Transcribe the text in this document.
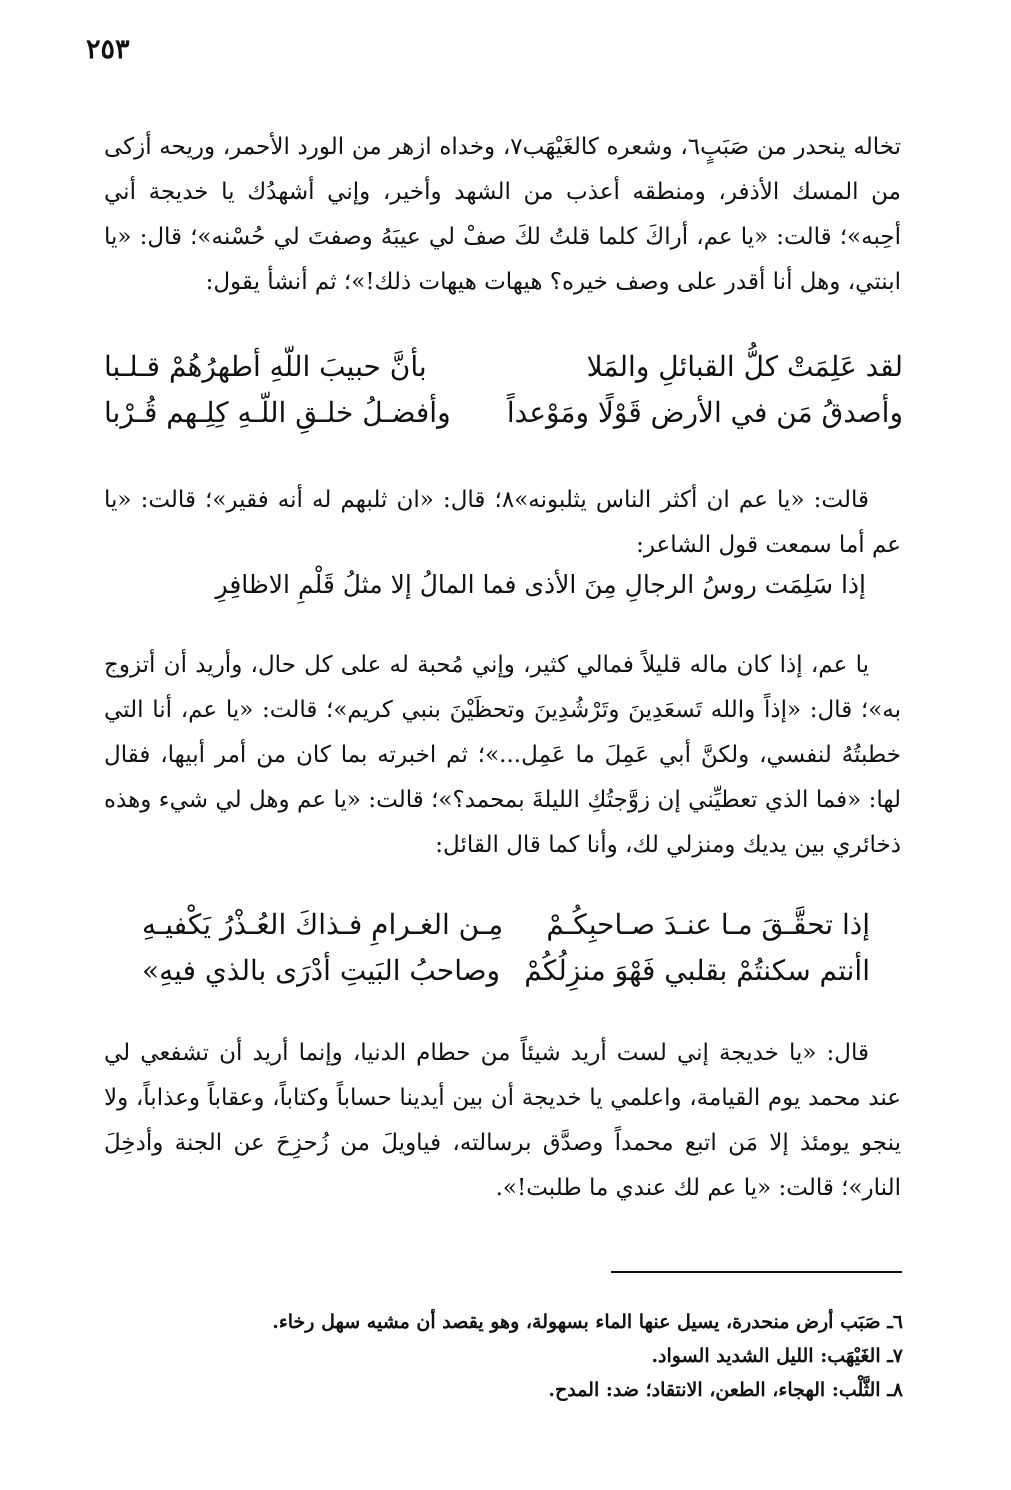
٢٥٣

تخاله ينحدر من صَبَبٍ٦، وشعره كالغَيْهَب٧، وخداه ازهر من الورد الأحمر، وريحه أزكى من المسك الأذفر، ومنطقه أعذب من الشهد وأخير، وإني أشهدُك يا خديجة أني أحِبه»؛ قالت: «يا عم، أراكَ كلما قلتُ لكَ صفْ لي عيبَهُ وصفتَ لي حُسْنه»؛ قال: «يا ابنتي، وهل أنا أقدر على وصف خيره؟ هيهات هيهات ذلك!»؛ ثم أنشأ يقول:

لقد عَلِمَتْ كلُّ القبائلِ والمَلا
بأنَّ حبيبَ اللّهِ أطهرُهُمْ قـلـبا
وأصدقُ مَن في الأرض قَوْلًا ومَوْعداً
وأفضـلُ خلـقِ اللّـهِ كِلِـهم قُـرْبا

قالت: «يا عم ان أكثر الناس يثلبونه»٨؛ قال: «ان ثلبهم له أنه فقير»؛ قالت: «يا عم أما سمعت قول الشاعر:

إذا سَلِمَت روسُ الرجالِ مِنَ الأذى فما المالُ إلا مثلُ قَلْمِ الاظافِرِ

يا عم، إذا كان ماله قليلاً فمالي كثير، وإني مُحبة له على كل حال، وأريد أن أتزوج به»؛ قال: «إذاً والله تَسعَدِينَ وتَرْشُدِينَ وتحظَيْنَ بنبي كريم»؛ قالت: «يا عم، أنا التي خطبتُهُ لنفسي، ولكنَّ أبي عَمِلَ ما عَمِل...»؛ ثم اخبرته بما كان من أمر أبيها، فقال لها: «فما الذي تعطيِّني إن زوَّجتُكِ الليلةَ بمحمد؟»؛ قالت: «يا عم وهل لي شيء وهذه ذخائري بين يديك ومنزلي لك، وأنا كما قال القائل:

إذا تحقَّـقَ مـا عنـدَ صـاحبِكُـمْ
مِـن الغـرامِ فـذاكَ العُـذْرُ يَكْفيـهِ
اأنتم سكنتُمْ بقلبي فَهْوَ منزِلُكُمْ
وصاحبُ البَيتِ أدْرَى بالذي فيهِ»

قال: «يا خديجة إني لست أريد شيئاً من حطام الدنيا، وإنما أريد أن تشفعي لي عند محمد يوم القيامة، واعلمي يا خديجة أن بين أيدينا حساباً وكتاباً، وعقاباً وعذاباً، ولا ينجو يومئذ إلا مَن اتبع محمداً وصدَّق برسالته، فياويلَ من زُحزِحَ عن الجنة وأدخِلَ النار»؛ قالت: «يا عم لك عندي ما طلبت!».

٦ـ صَبَب أرض منحدرة، يسيل عنها الماء بسهولة، وهو يقصد أن مشيه سهل رخاء.
٧ـ الغَيْهَب: الليل الشديد السواد.
٨ـ الثَّلْب: الهجاء، الطعن، الانتقاد؛ ضد: المدح.
